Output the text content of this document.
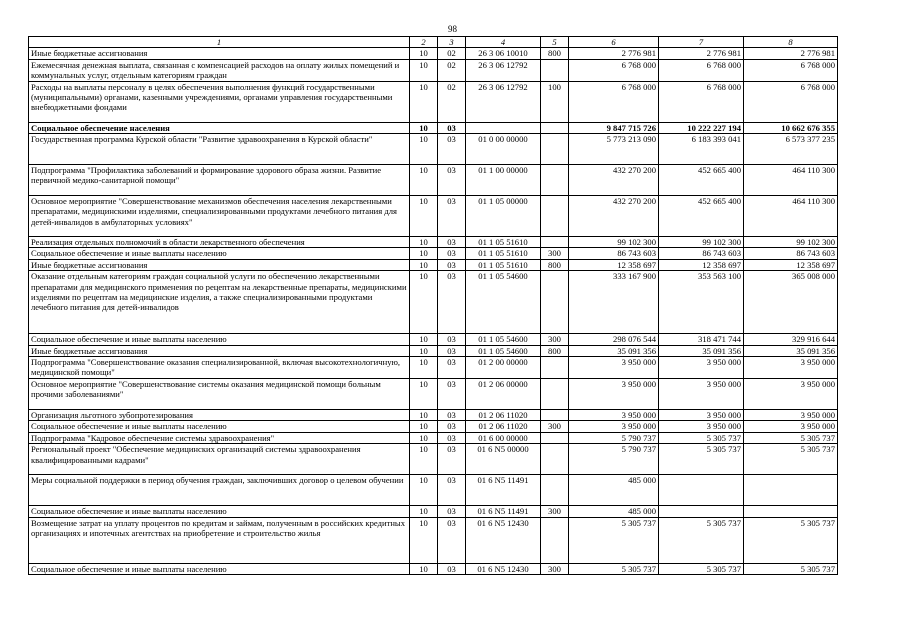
98
1	2	3	4	5	6	7	8
Иные бюджетные ассигнования	10	02	26 3 06 10010	800	2 776 981	2 776 981	2 776 981
Ежемесячная денежная выплата, связанная с компенсацией расходов на оплату жилых помещений и коммунальных услуг, отдельным категориям граждан	10	02	26 3 06 12792		6 768 000	6 768 000	6 768 000
Расходы на выплаты персоналу в целях обеспечения выполнения функций государственными (муниципальными) органами, казенными учреждениями, органами управления государственными внебюджетными фондами	10	02	26 3 06 12792	100	6 768 000	6 768 000	6 768 000
Социальное обеспечение населения	10	03			9 847 715 726	10 222 227 194	10 662 676 355
Государственная программа Курской области "Развитие здравоохранения в Курской области"	10	03	01 0 00 00000		5 773 213 090	6 183 393 041	6 573 377 235
Подпрограмма "Профилактика заболеваний и формирование здорового образа жизни. Развитие первичной медико-санитарной помощи"	10	03	01 1 00 00000		432 270 200	452 665 400	464 110 300
Основное мероприятие "Совершенствование механизмов обеспечения населения лекарственными препаратами, медицинскими изделиями, специализированными продуктами лечебного питания для детей-инвалидов в амбулаторных условиях"	10	03	01 1 05 00000		432 270 200	452 665 400	464 110 300
Реализация отдельных полномочий в области лекарственного обеспечения	10	03	01 1 05 51610		99 102 300	99 102 300	99 102 300
Социальное обеспечение и иные выплаты населению	10	03	01 1 05 51610	300	86 743 603	86 743 603	86 743 603
Иные бюджетные ассигнования	10	03	01 1 05 51610	800	12 358 697	12 358 697	12 358 697
Оказание отдельным категориям граждан социальной услуги по обеспечению лекарственными препаратами для медицинского применения по рецептам на лекарственные препараты, медицинскими изделиями по рецептам на медицинские изделия, а также специализированными продуктами лечебного питания для детей-инвалидов	10	03	01 1 05 54600		333 167 900	353 563 100	365 008 000
Социальное обеспечение и иные выплаты населению	10	03	01 1 05 54600	300	298 076 544	318 471 744	329 916 644
Иные бюджетные ассигнования	10	03	01 1 05 54600	800	35 091 356	35 091 356	35 091 356
Подпрограмма "Совершенствование оказания специализированной, включая высокотехнологичную, медицинской помощи"	10	03	01 2 00 00000		3 950 000	3 950 000	3 950 000
Основное мероприятие "Совершенствование системы оказания медицинской помощи больным прочими заболеваниями"	10	03	01 2 06 00000		3 950 000	3 950 000	3 950 000
Организация льготного зубопротезирования	10	03	01 2 06 11020		3 950 000	3 950 000	3 950 000
Социальное обеспечение и иные выплаты населению	10	03	01 2 06 11020	300	3 950 000	3 950 000	3 950 000
Подпрограмма "Кадровое обеспечение системы здравоохранения"	10	03	01 6 00 00000		5 790 737	5 305 737	5 305 737
Региональный проект "Обеспечение медицинских организаций системы здравоохранения квалифицированными кадрами"	10	03	01 6 N5 00000		5 790 737	5 305 737	5 305 737
Меры социальной поддержки в период обучения граждан, заключивших договор о целевом обучении	10	03	01 6 N5 11491		485 000		
Социальное обеспечение и иные выплаты населению	10	03	01 6 N5 11491	300	485 000		
Возмещение затрат на уплату процентов по кредитам и займам, полученным в российских кредитных организациях и ипотечных агентствах на приобретение и строительство жилья	10	03	01 6 N5 12430		5 305 737	5 305 737	5 305 737
Социальное обеспечение и иные выплаты населению	10	03	01 6 N5 12430	300	5 305 737	5 305 737	5 305 737
